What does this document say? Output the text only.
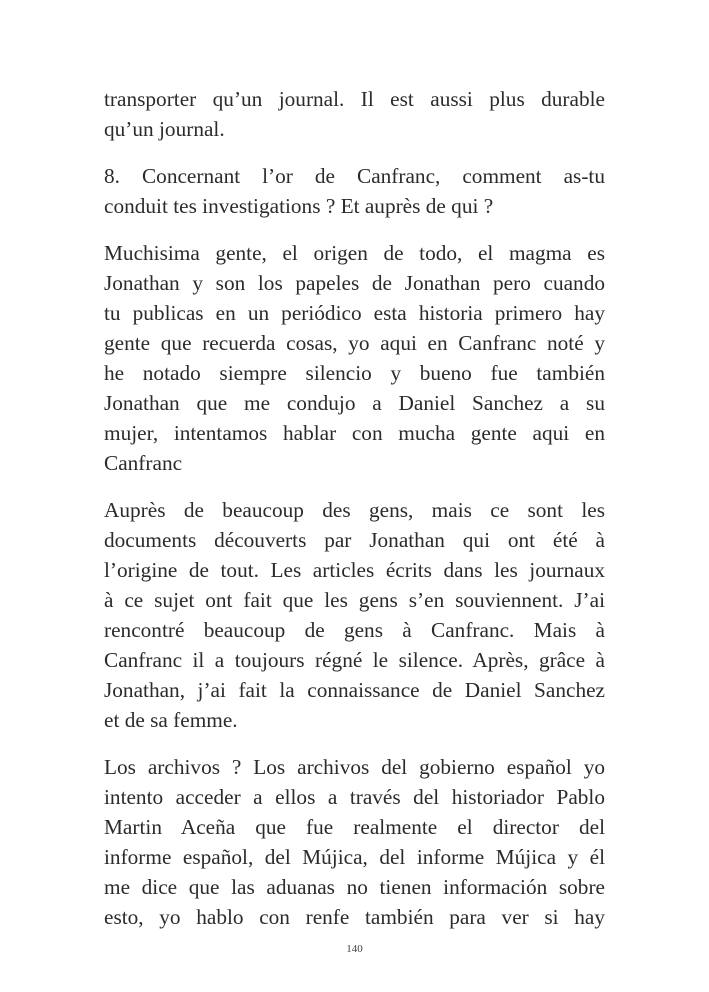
transporter qu’un journal. Il est aussi plus durable
qu’un journal.

8. Concernant l’or de Canfranc, comment as-tu
conduit tes investigations ? Et auprès de qui ?

Muchisima gente, el origen de todo, el magma es
Jonathan y son los papeles de Jonathan pero cuando
tu publicas en un periódico esta historia primero hay
gente que recuerda cosas, yo aqui en Canfranc noté y
he notado siempre silencio y bueno fue también
Jonathan que me condujo a Daniel Sanchez a su
mujer, intentamos hablar con mucha gente aqui en
Canfranc

Auprès de beaucoup des gens, mais ce sont les
documents découverts par Jonathan qui ont été à
l’origine de tout. Les articles écrits dans les journaux
à ce sujet ont fait que les gens s’en souviennent. J’ai
rencontré beaucoup de gens à Canfranc. Mais à
Canfranc il a toujours régné le silence. Après, grâce à
Jonathan, j’ai fait la connaissance de Daniel Sanchez
et de sa femme.

Los archivos ? Los archivos del gobierno español yo
intento acceder a ellos a través del historiador Pablo
Martin Aceña que fue realmente el director del
informe español, del Mújica, del informe Mújica y él
me dice que las aduanas no tienen información sobre
esto, yo hablo con renfe también para ver si hay

140
